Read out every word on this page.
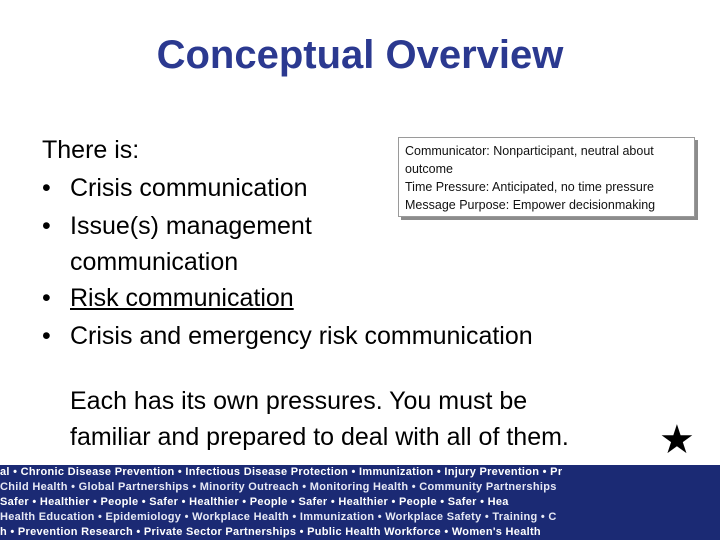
Conceptual Overview
There is:
• Crisis communication
• Issue(s) management
communication
• Risk communication
• Crisis and emergency risk communication
Communicator: Nonparticipant, neutral about
outcome
Time Pressure: Anticipated, no time pressure
Message Purpose: Empower decisionmaking
Each has its own pressures. You must be
familiar and prepared to deal with all of them.	★
al • Chronic Disease Prevention • Infectious Disease Protection • Immunization • Injury Prevention • Pr
Child Health • Global Partnerships • Minority Outreach • Monitoring Health • Community Partnerships
Safer • Healthier • People • Safer • Healthier • People • Safer • Healthier • People • Safer • Hea
Health Education • Epidemiology • Workplace Health • Immunization • Workplace Safety • Training • C
h • Prevention Research • Private Sector Partnerships • Public Health Workforce • Women's Health
